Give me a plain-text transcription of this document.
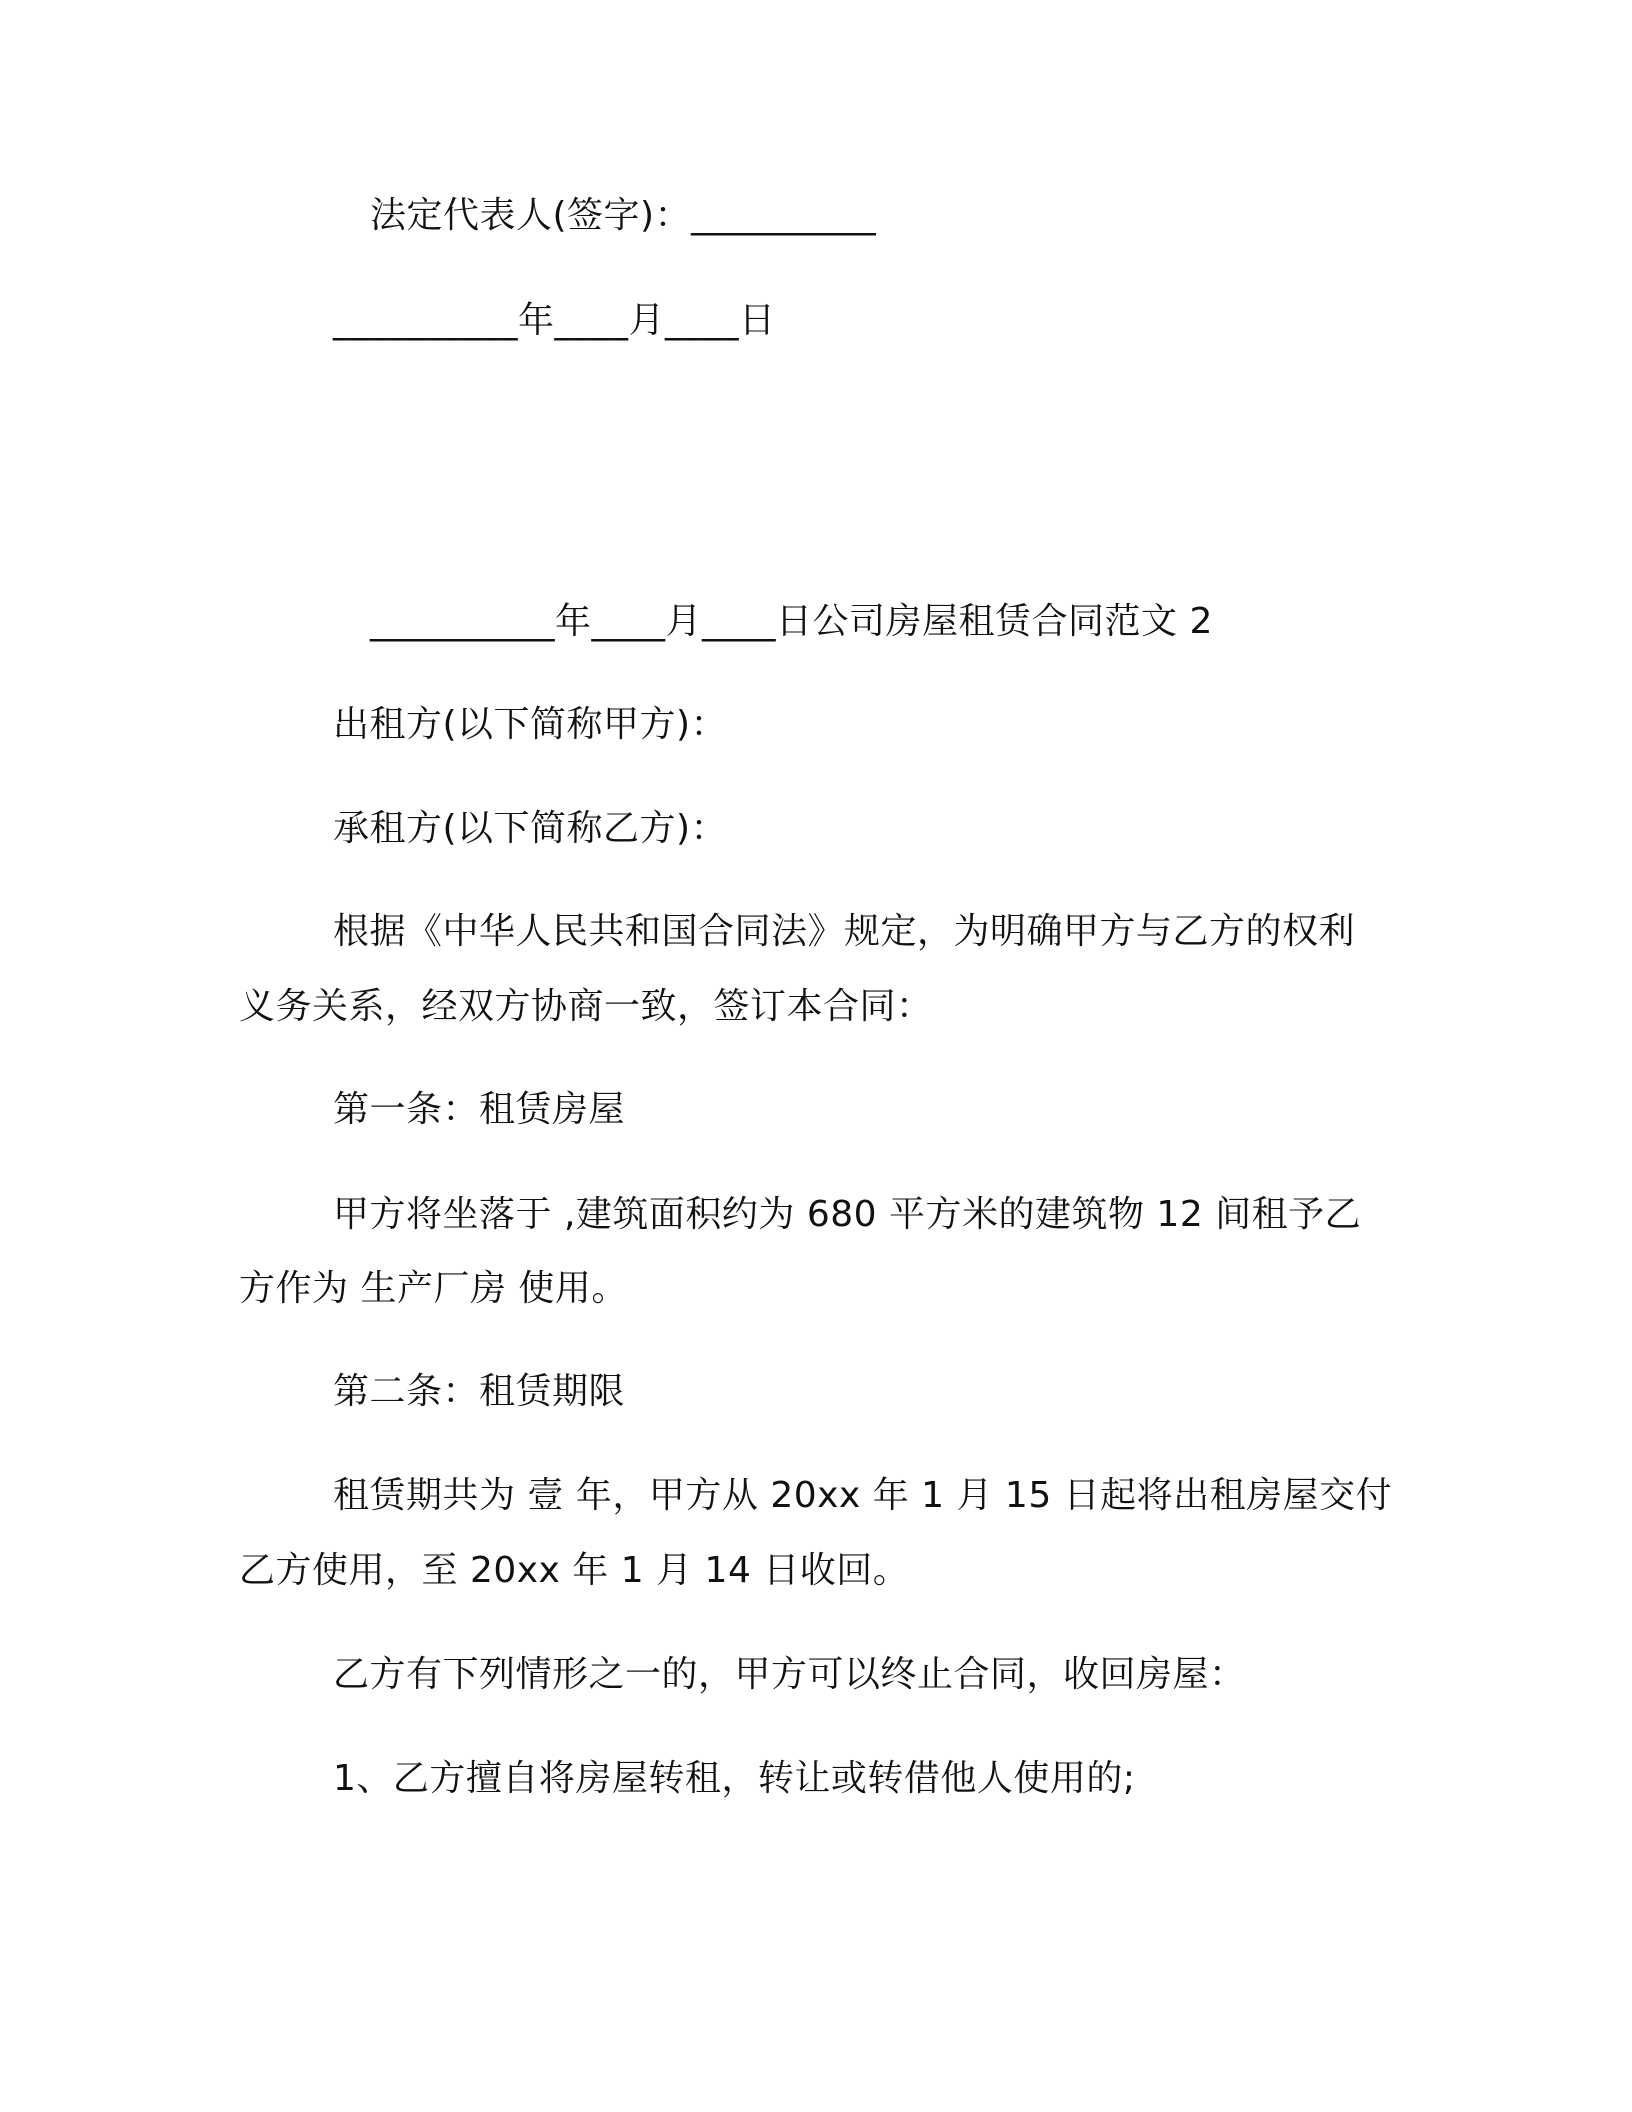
法定代表人(签字)：__________
__________年____月____日
__________年____月____日公司房屋租赁合同范文 2
出租方(以下简称甲方)：
承租方(以下简称乙方)：
根据《中华人民共和国合同法》规定，为明确甲方与乙方的权利
义务关系，经双方协商一致，签订本合同：
第一条：租赁房屋
甲方将坐落于 ,建筑面积约为 680 平方米的建筑物 12 间租予乙
方作为 生产厂房 使用。
第二条：租赁期限
租赁期共为 壹 年，甲方从 20xx 年 1 月 15 日起将出租房屋交付
乙方使用，至 20xx 年 1 月 14 日收回。
乙方有下列情形之一的，甲方可以终止合同，收回房屋：
1、乙方擅自将房屋转租，转让或转借他人使用的;
